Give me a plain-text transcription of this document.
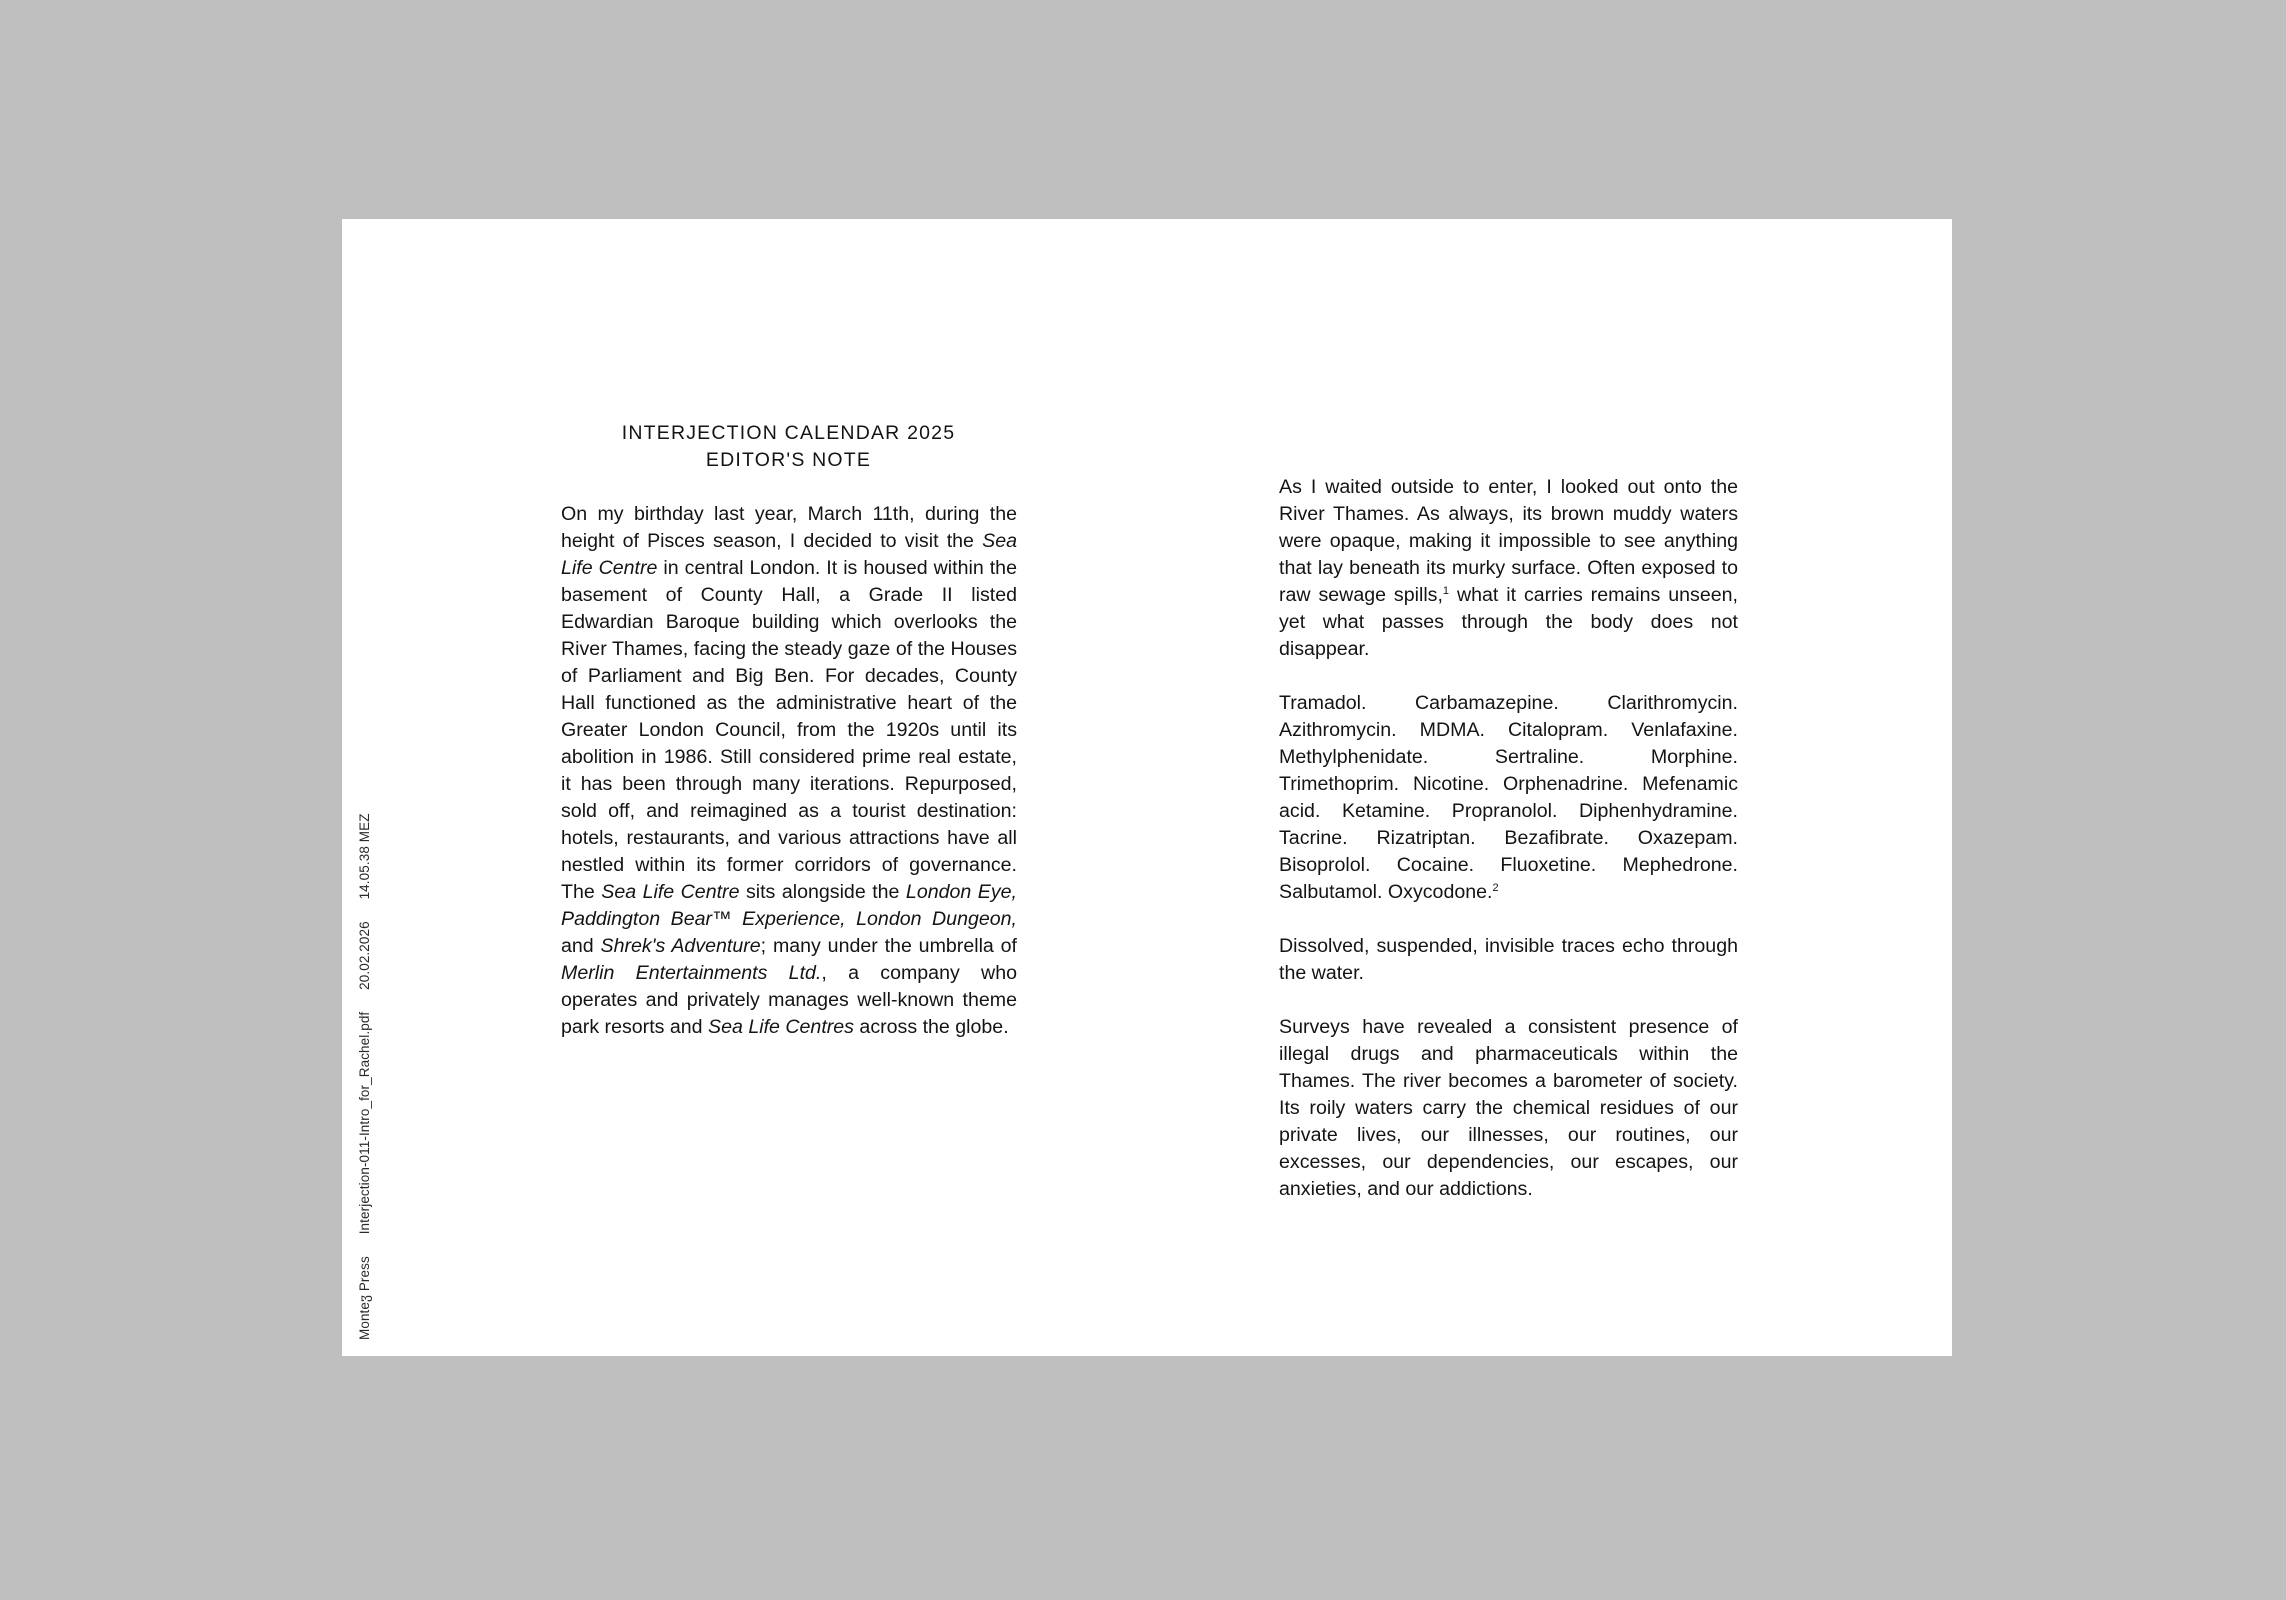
Monteჳ Press Interjection-011-Intro_for_Rachel.pdf 20.02.2026 14.05.38 MEZ
INTERJECTION CALENDAR 2025
EDITOR'S NOTE

On my birthday last year, March 11th, during the height of Pisces season, I decided to visit the Sea Life Centre in central London. It is housed within the basement of County Hall, a Grade II listed Edwardian Baroque building which overlooks the River Thames, facing the steady gaze of the Houses of Parliament and Big Ben. For decades, County Hall functioned as the administrative heart of the Greater London Council, from the 1920s until its abolition in 1986. Still considered prime real estate, it has been through many iterations. Repurposed, sold off, and reimagined as a tourist destination: hotels, restaurants, and various attractions have all nestled within its former corridors of governance. The Sea Life Centre sits alongside the London Eye, Paddington Bear™ Experience, London Dungeon, and Shrek's Adventure; many under the umbrella of Merlin Entertainments Ltd., a company who operates and privately manages well-known theme park resorts and Sea Life Centres across the globe.

As I waited outside to enter, I looked out onto the River Thames. As always, its brown muddy waters were opaque, making it impossible to see anything that lay beneath its murky surface. Often exposed to raw sewage spills,$^1$ what it carries remains unseen, yet what passes through the body does not disappear.

Tramadol. Carbamazepine. Clarithromycin. Azithromycin. MDMA. Citalopram. Venlafaxine. Methylphenidate. Sertraline. Morphine. Trimethoprim. Nicotine. Orphenadrine. Mefenamic acid. Ketamine. Propranolol. Diphenhydramine. Tacrine. Rizatriptan. Bezafibrate. Oxazepam. Bisoprolol. Cocaine. Fluoxetine. Mephedrone. Salbutamol. Oxycodone.$^2$

Dissolved, suspended, invisible traces echo through the water.

Surveys have revealed a consistent presence of illegal drugs and pharmaceuticals within the Thames. The river becomes a barometer of society. Its roily waters carry the chemical residues of our private lives, our illnesses, our routines, our excesses, our dependencies, our escapes, our anxieties, and our addictions.
